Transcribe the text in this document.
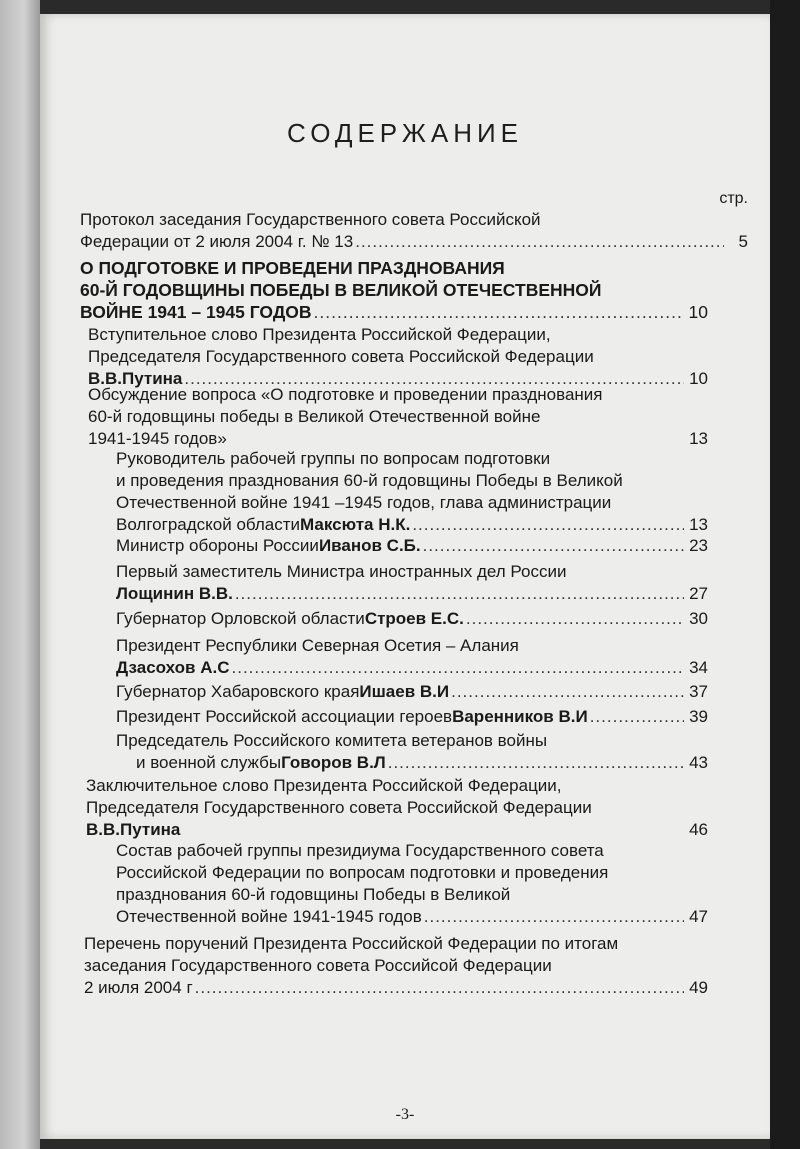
СОДЕРЖАНИЕ
стр.
Протокол заседания Государственного совета Российской
Федерации от 2 июля 2004 г. № 13 .....	5
О ПОДГОТОВКЕ И ПРОВЕДЕНИ ПРАЗДНОВАНИЯ
60-Й ГОДОВЩИНЫ ПОБЕДЫ В ВЕЛИКОЙ ОТЕЧЕСТВЕННОЙ
ВОЙНЕ 1941 – 1945 ГОДОВ .....	10
Вступительное слово Президента Российской Федерации,
Председателя Государственного совета Российской Федерации
В.В.Путина .....	10
Обсуждение вопроса «О подготовке и проведении празднования
60-й годовщины победы в Великой Отечественной войне
1941-1945 годов»	13
Руководитель рабочей группы по вопросам подготовки
и проведения празднования 60-й годовщины Победы в Великой
Отечественной войне 1941 –1945 годов, глава администрации
Волгоградской области Максюта Н.К. .....	13
Министр обороны России Иванов С.Б. .....	23
Первый заместитель Министра иностранных дел России
Лощинин В.В. .....	27
Губернатор Орловской области Строев Е.С. .....	30
Президент Республики Северная Осетия – Алания
Дзасохов А.С .....	34
Губернатор Хабаровского края Ишаев В.И .....	37
Президент Российской ассоциации героев Варенников В.И .....	39
Председатель Российского комитета ветеранов войны
и военной службы Говоров В.Л .....	43
Заключительное слово Президента Российской Федерации,
Председателя Государственного совета Российской Федерации
В.В.Путина	46
Состав рабочей группы президиума Государственного совета
Российской Федерации по вопросам подготовки и проведения
празднования 60-й годовщины Победы в Великой
Отечественной войне 1941-1945 годов .....	47
Перечень поручений Президента Российской Федерации по итогам
заседания Государственного совета Российсой Федерации
2 июля 2004 г .....	49
-3-
